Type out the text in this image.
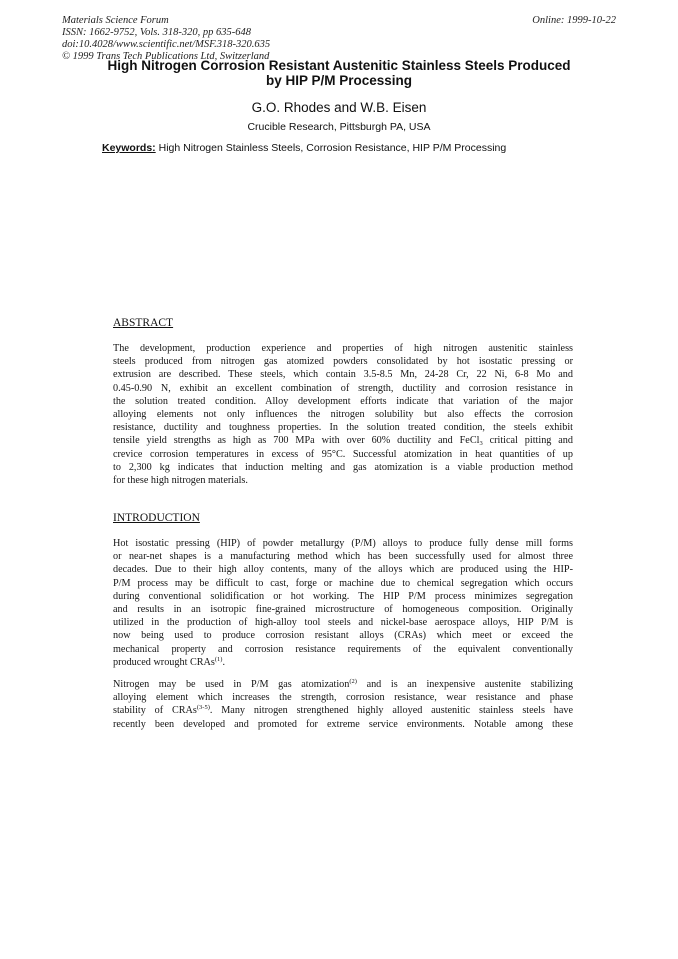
Materials Science Forum
ISSN: 1662-9752, Vols. 318-320, pp 635-648
doi:10.4028/www.scientific.net/MSF.318-320.635
© 1999 Trans Tech Publications Ltd, Switzerland
Online: 1999-10-22
High Nitrogen Corrosion Resistant Austenitic Stainless Steels Produced
by HIP P/M Processing
G.O. Rhodes and W.B. Eisen
Crucible Research, Pittsburgh PA, USA
Keywords: High Nitrogen Stainless Steels, Corrosion Resistance, HIP P/M Processing
ABSTRACT
The development, production experience and properties of high nitrogen austenitic stainless
steels produced from nitrogen gas atomized powders consolidated by hot isostatic pressing or
extrusion are described. These steels, which contain 3.5-8.5 Mn, 24-28 Cr, 22 Ni, 6-8 Mo and
0.45-0.90 N, exhibit an excellent combination of strength, ductility and corrosion resistance in
the solution treated condition. Alloy development efforts indicate that variation of the major
alloying elements not only influences the nitrogen solubility but also effects the corrosion
resistance, ductility and toughness properties. In the solution treated condition, the steels exhibit
tensile yield strengths as high as 700 MPa with over 60% ductility and FeCl$_3$ critical pitting and
crevice corrosion temperatures in excess of 95°C. Successful atomization in heat quantities of up
to 2,300 kg indicates that induction melting and gas atomization is a viable production method
for these high nitrogen materials.
INTRODUCTION
Hot isostatic pressing (HIP) of powder metallurgy (P/M) alloys to produce fully dense mill forms
or near-net shapes is a manufacturing method which has been successfully used for almost three
decades. Due to their high alloy contents, many of the alloys which are produced using the HIP-
P/M process may be difficult to cast, forge or machine due to chemical segregation which occurs
during conventional solidification or hot working. The HIP P/M process minimizes segregation
and results in an isotropic fine-grained microstructure of homogeneous composition. Originally
utilized in the production of high-alloy tool steels and nickel-base aerospace alloys, HIP P/M is
now being used to produce corrosion resistant alloys (CRAs) which meet or exceed the
mechanical property and corrosion resistance requirements of the equivalent conventionally
produced wrought CRAs$^{(1)}$.
Nitrogen may be used in P/M gas atomization$^{(2)}$ and is an inexpensive austenite stabilizing
alloying element which increases the strength, corrosion resistance, wear resistance and phase
stability of CRAs$^{(3-5)}$. Many nitrogen strengthened highly alloyed austenitic stainless steels have
recently been developed and promoted for extreme service environments. Notable among these
